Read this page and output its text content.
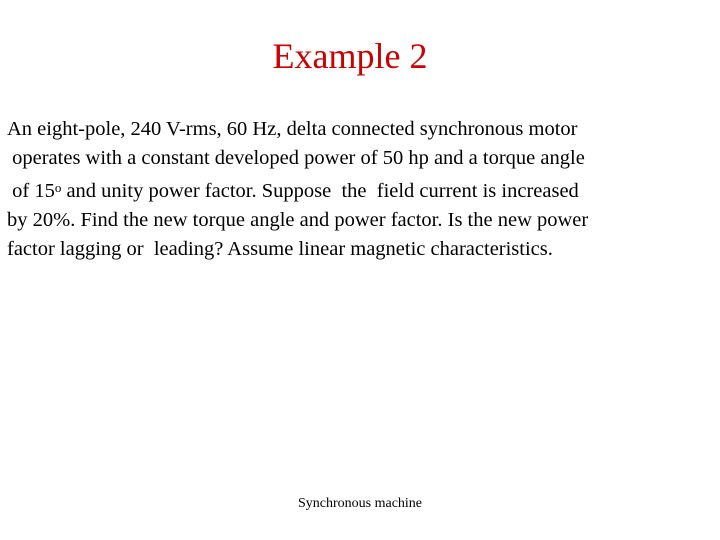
Example 2
An eight-pole, 240 V-rms, 60 Hz, delta connected synchronous motor
operates with a constant developed power of 50 hp and a torque angle
of 15$^o$ and unity power factor. Suppose  the  field current is increased
by 20%. Find the new torque angle and power factor. Is the new power
factor lagging or  leading? Assume linear magnetic characteristics.
Synchronous machine
